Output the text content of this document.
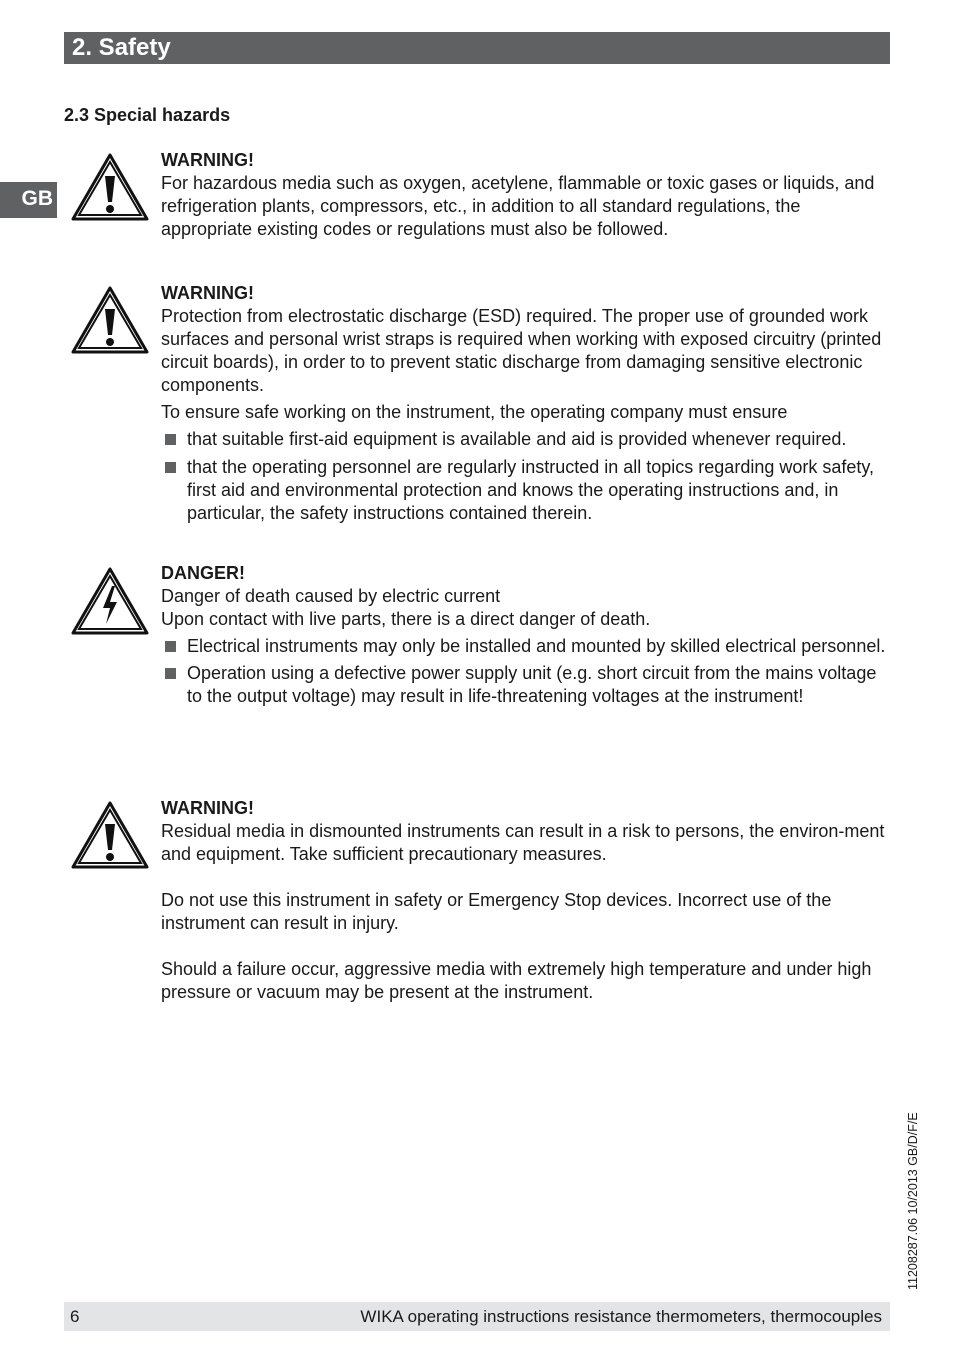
2. Safety
GB
2.3 Special hazards
WARNING!

For hazardous media such as oxygen, acetylene, flammable or toxic gases or liquids, and refrigeration plants, compressors, etc., in addition to all standard regulations, the appropriate existing codes or regulations must also be followed.

WARNING!

Protection from electrostatic discharge (ESD) required. The proper use of grounded work surfaces and personal wrist straps is required when working with exposed circuitry (printed circuit boards), in order to to prevent static discharge from damaging sensitive electronic components.

To ensure safe working on the instrument, the operating company must ensure

that suitable first-aid equipment is available and aid is provided whenever required.
that the operating personnel are regularly instructed in all topics regarding work safety, first aid and environmental protection and knows the operating instructions and, in particular, the safety instructions contained therein.
DANGER!

Danger of death caused by electric current

Upon contact with live parts, there is a direct danger of death.

Electrical instruments may only be installed and mounted by skilled electrical personnel.
Operation using a defective power supply unit (e.g. short circuit from the mains voltage to the output voltage) may result in life-threatening voltages at the instrument!
WARNING!

Residual media in dismounted instruments can result in a risk to persons, the environ-ment and equipment. Take sufficient precautionary measures.

Do not use this instrument in safety or Emergency Stop devices. Incorrect use of the instrument can result in injury.

Should a failure occur, aggressive media with extremely high temperature and under high pressure or vacuum may be present at the instrument.

11208287.06 10/2013 GB/D/F/E
6	WIKA operating instructions resistance thermometers, thermocouples
